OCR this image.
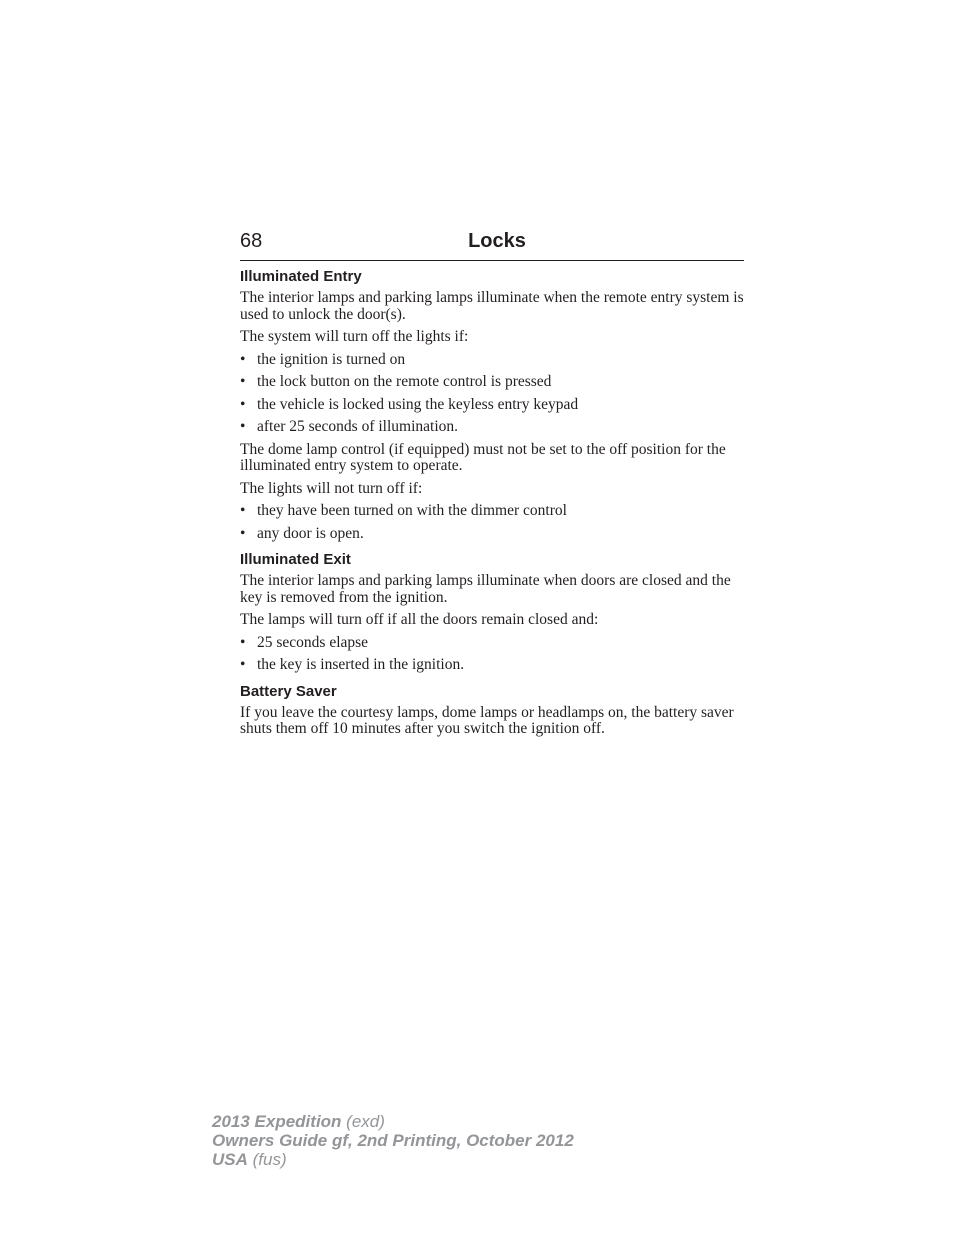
68	Locks
Illuminated Entry

The interior lamps and parking lamps illuminate when the remote entry system is used to unlock the door(s).

The system will turn off the lights if:

• the ignition is turned on
• the lock button on the remote control is pressed
• the vehicle is locked using the keyless entry keypad
• after 25 seconds of illumination.

The dome lamp control (if equipped) must not be set to the off position for the illuminated entry system to operate.

The lights will not turn off if:

• they have been turned on with the dimmer control
• any door is open.
Illuminated Exit

The interior lamps and parking lamps illuminate when doors are closed and the key is removed from the ignition.

The lamps will turn off if all the doors remain closed and:

• 25 seconds elapse
• the key is inserted in the ignition.
Battery Saver

If you leave the courtesy lamps, dome lamps or headlamps on, the battery saver shuts them off 10 minutes after you switch the ignition off.

2013 Expedition (exd)
Owners Guide gf, 2nd Printing, October 2012
USA (fus)
